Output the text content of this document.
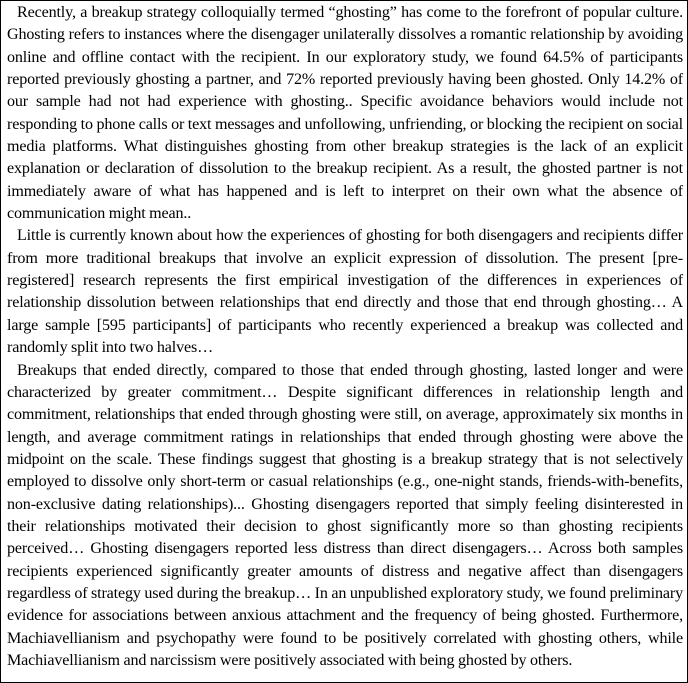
Recently, a breakup strategy colloquially termed “ghosting” has come to the forefront of popular culture. Ghosting refers to instances where the disengager unilaterally dissolves a romantic relationship by avoiding online and offline contact with the recipient. In our exploratory study, we found 64.5% of participants reported previously ghosting a partner, and 72% reported previously having been ghosted. Only 14.2% of our sample had not had experience with ghosting.. Specific avoidance behaviors would include not responding to phone calls or text messages and unfollowing, unfriending, or blocking the recipient on social media platforms. What distinguishes ghosting from other breakup strategies is the lack of an explicit explanation or declaration of dissolution to the breakup recipient. As a result, the ghosted partner is not immediately aware of what has happened and is left to interpret on their own what the absence of communication might mean..

Little is currently known about how the experiences of ghosting for both disengagers and recipients differ from more traditional breakups that involve an explicit expression of dissolution. The present [pre-registered] research represents the first empirical investigation of the differences in experiences of relationship dissolution between relationships that end directly and those that end through ghosting… A large sample [595 participants] of participants who recently experienced a breakup was collected and randomly split into two halves…

Breakups that ended directly, compared to those that ended through ghosting, lasted longer and were characterized by greater commitment… Despite significant differences in relationship length and commitment, relationships that ended through ghosting were still, on average, approximately six months in length, and average commitment ratings in relationships that ended through ghosting were above the midpoint on the scale. These findings suggest that ghosting is a breakup strategy that is not selectively employed to dissolve only short-term or casual relationships (e.g., one-night stands, friends-with-benefits, non-exclusive dating relationships)... Ghosting disengagers reported that simply feeling disinterested in their relationships motivated their decision to ghost significantly more so than ghosting recipients perceived… Ghosting disengagers reported less distress than direct disengagers… Across both samples recipients experienced significantly greater amounts of distress and negative affect than disengagers regardless of strategy used during the breakup… In an unpublished exploratory study, we found preliminary evidence for associations between anxious attachment and the frequency of being ghosted. Furthermore, Machiavellianism and psychopathy were found to be positively correlated with ghosting others, while Machiavellianism and narcissism were positively associated with being ghosted by others.
